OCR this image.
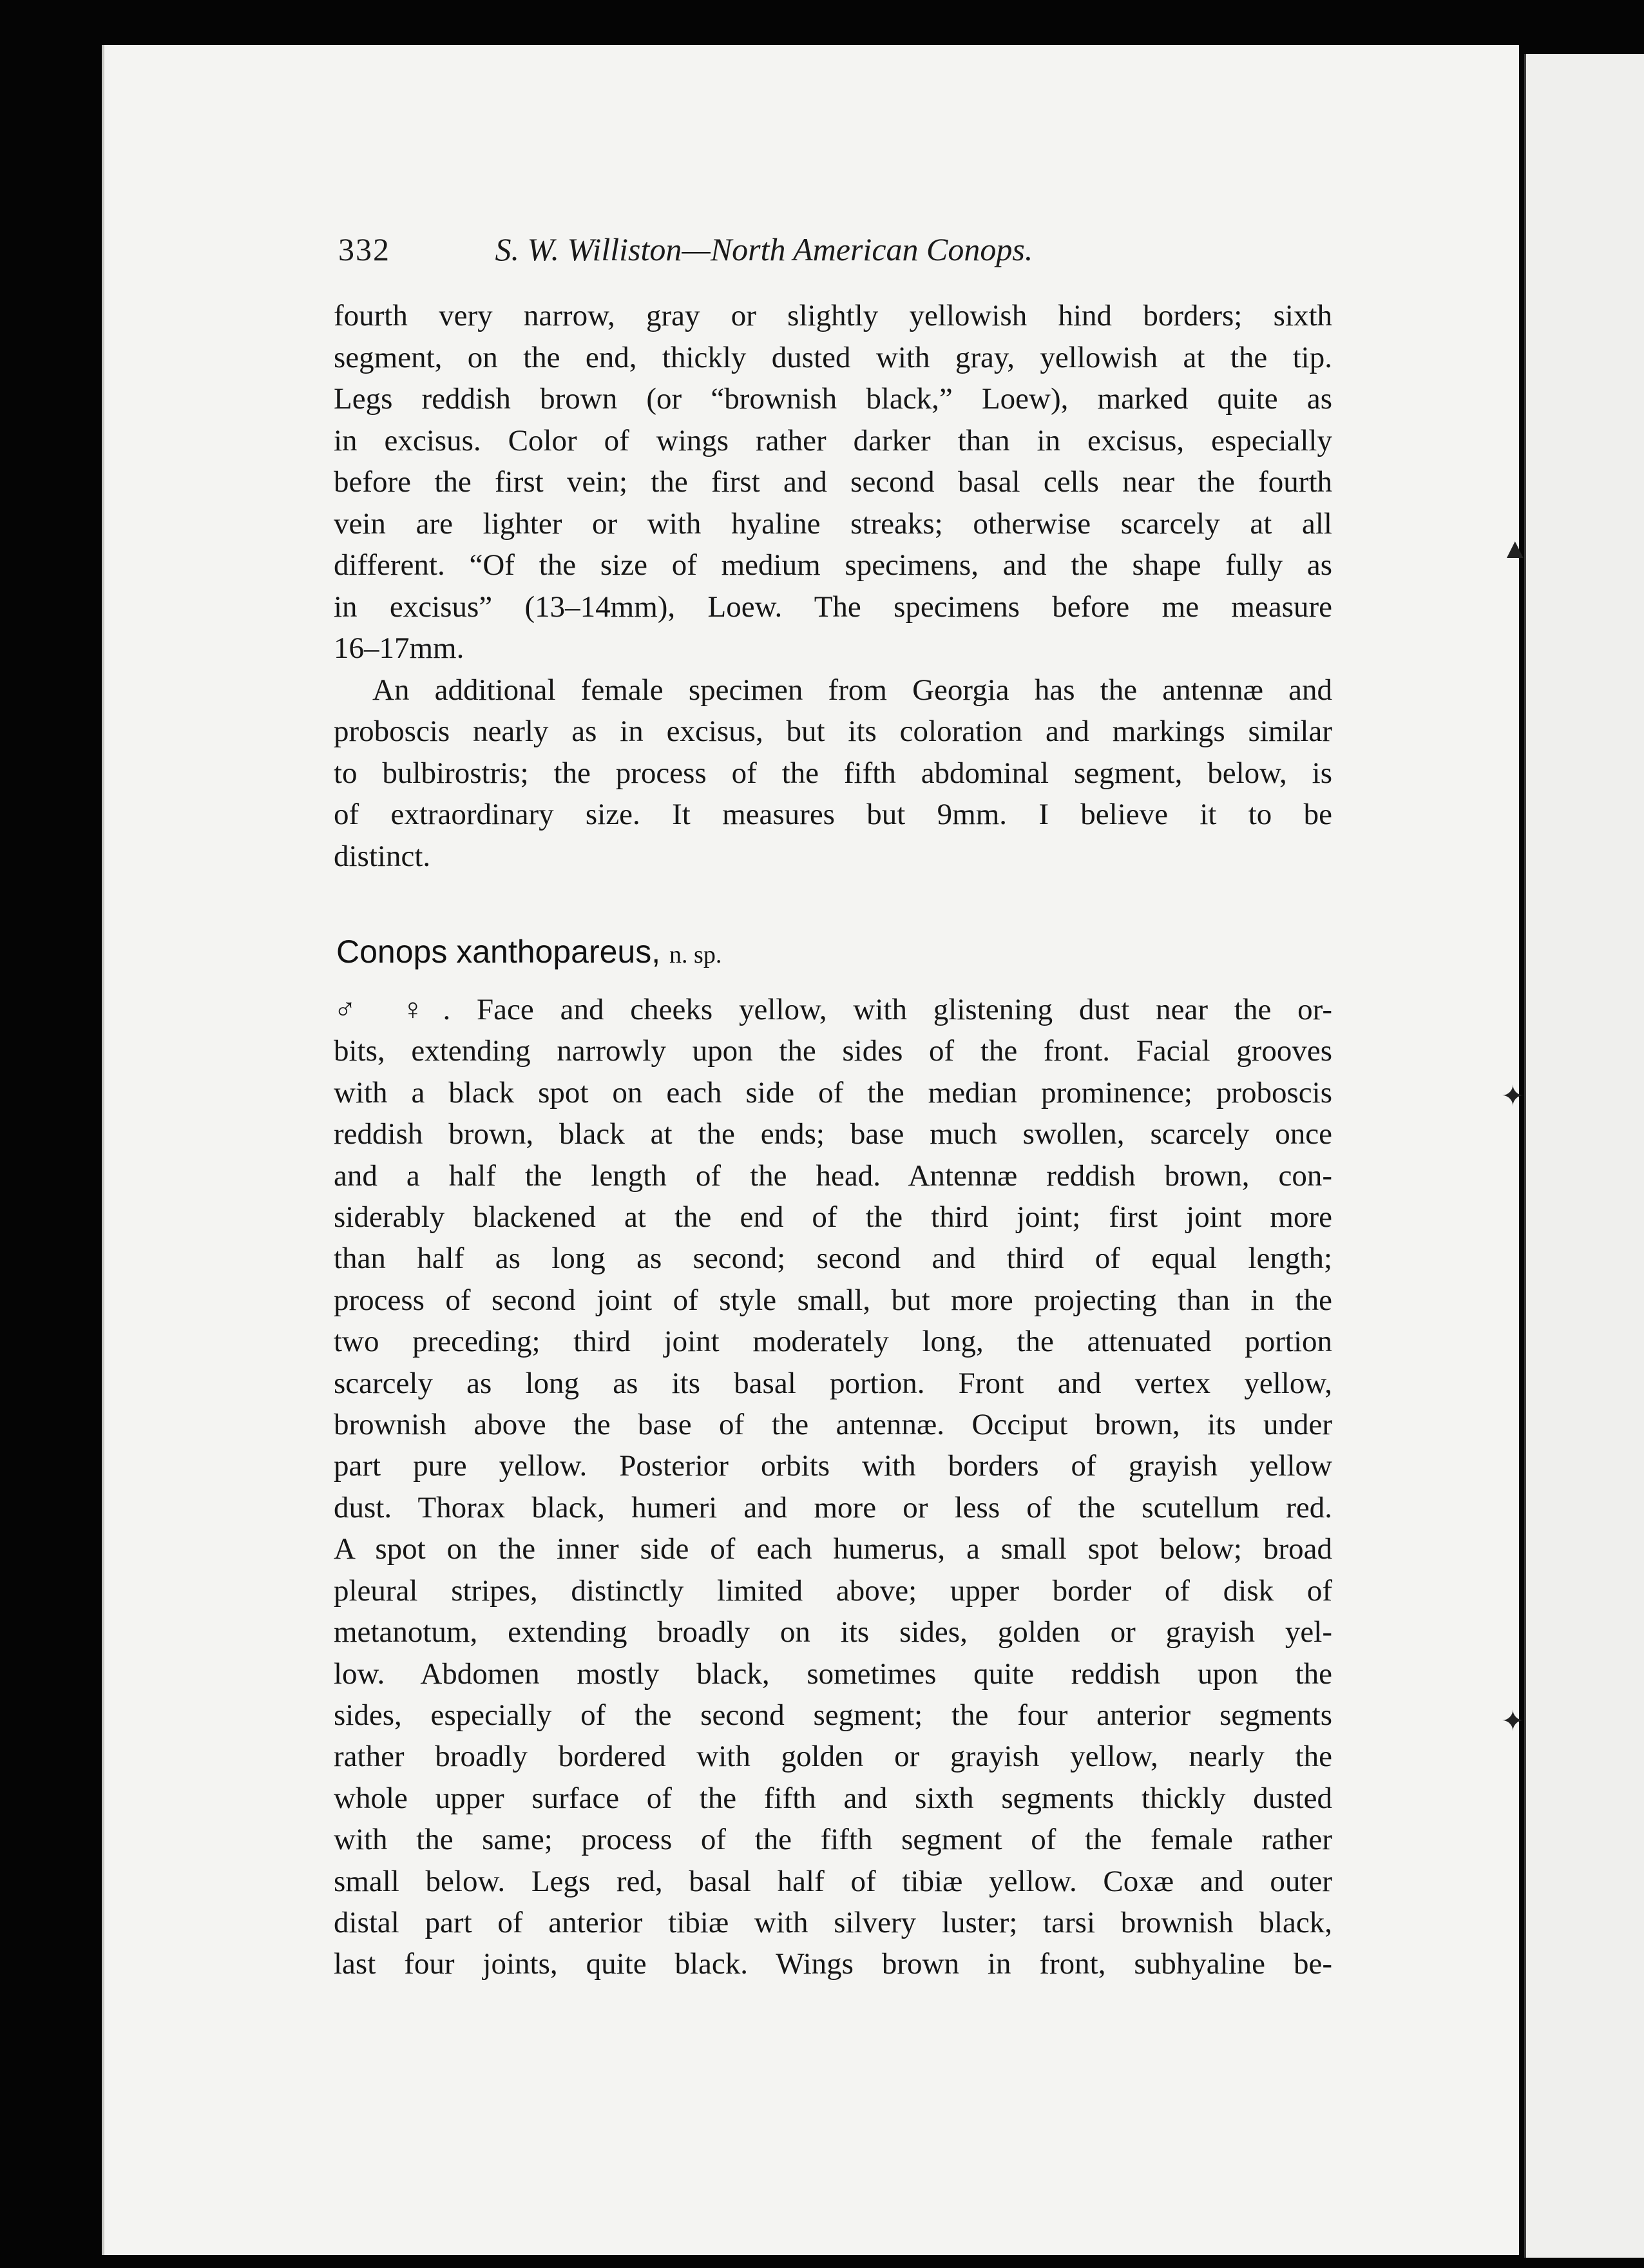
▲
✦
✦
332	S. W. Williston—North American Conops.
fourth very narrow, gray or slightly yellowish hind borders; sixth
segment, on the end, thickly dusted with gray, yellowish at the tip.
Legs reddish brown (or “brownish black,” Loew), marked quite as
in excisus. Color of wings rather darker than in excisus, especially
before the first vein; the first and second basal cells near the fourth
vein are lighter or with hyaline streaks; otherwise scarcely at all
different. “Of the size of medium specimens, and the shape fully as
in excisus” (13–14mm), Loew. The specimens before me measure
16–17mm.
An additional female specimen from Georgia has the antennæ and
proboscis nearly as in excisus, but its coloration and markings similar
to bulbirostris; the process of the fifth abdominal segment, below, is
of extraordinary size. It measures but 9mm. I believe it to be
distinct.
Conops xanthopareus, n. sp.
♂ ♀. Face and cheeks yellow, with glistening dust near the or-
bits, extending narrowly upon the sides of the front. Facial grooves
with a black spot on each side of the median prominence; proboscis
reddish brown, black at the ends; base much swollen, scarcely once
and a half the length of the head. Antennæ reddish brown, con-
siderably blackened at the end of the third joint; first joint more
than half as long as second; second and third of equal length;
process of second joint of style small, but more projecting than in the
two preceding; third joint moderately long, the attenuated portion
scarcely as long as its basal portion. Front and vertex yellow,
brownish above the base of the antennæ. Occiput brown, its under
part pure yellow. Posterior orbits with borders of grayish yellow
dust. Thorax black, humeri and more or less of the scutellum red.
A spot on the inner side of each humerus, a small spot below; broad
pleural stripes, distinctly limited above; upper border of disk of
metanotum, extending broadly on its sides, golden or grayish yel-
low. Abdomen mostly black, sometimes quite reddish upon the
sides, especially of the second segment; the four anterior segments
rather broadly bordered with golden or grayish yellow, nearly the
whole upper surface of the fifth and sixth segments thickly dusted
with the same; process of the fifth segment of the female rather
small below. Legs red, basal half of tibiæ yellow. Coxæ and outer
distal part of anterior tibiæ with silvery luster; tarsi brownish black,
last four joints, quite black. Wings brown in front, subhyaline be-
